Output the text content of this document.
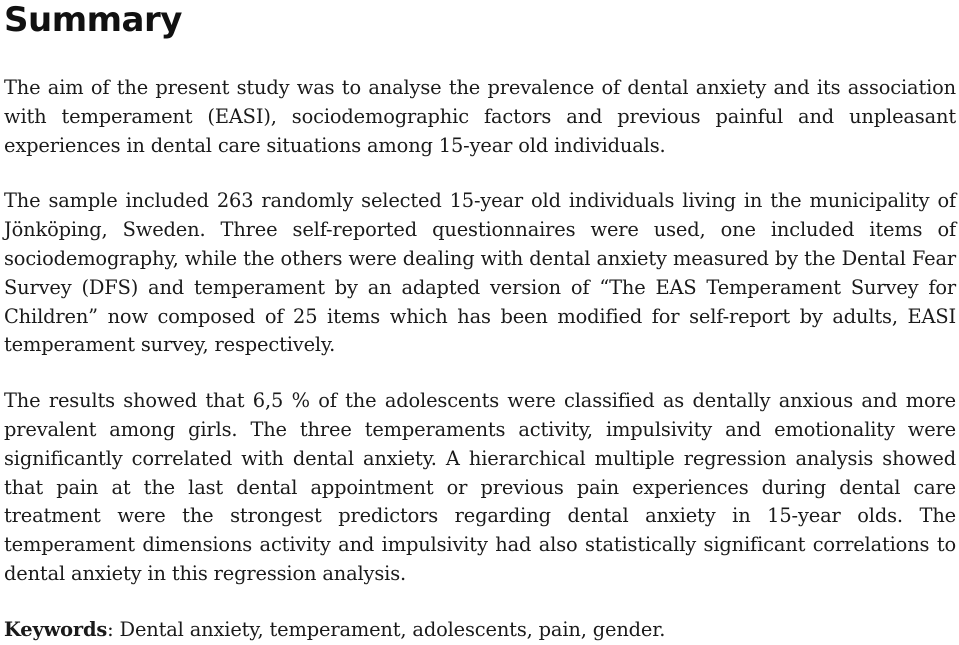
Summary

The aim of the present study was to analyse the prevalence of dental anxiety and its association with temperament (EASI), sociodemographic factors and previous painful and unpleasant experiences in dental care situations among 15-year old individuals.

The sample included 263 randomly selected 15-year old individuals living in the municipality of Jönköping, Sweden. Three self-reported questionnaires were used, one included items of sociodemography, while the others were dealing with dental anxiety measured by the Dental Fear Survey (DFS) and temperament by an adapted version of “The EAS Temperament Survey for Children” now composed of 25 items which has been modified for self-report by adults, EASI temperament survey, respectively.

The results showed that 6,5 % of the adolescents were classified as dentally anxious and more prevalent among girls. The three temperaments activity, impulsivity and emotionality were significantly correlated with dental anxiety. A hierarchical multiple regression analysis showed that pain at the last dental appointment or previous pain experiences during dental care treatment were the strongest predictors regarding dental anxiety in 15-year olds. The temperament dimensions activity and impulsivity had also statistically significant correlations to dental anxiety in this regression analysis.

Keywords: Dental anxiety, temperament, adolescents, pain, gender.
